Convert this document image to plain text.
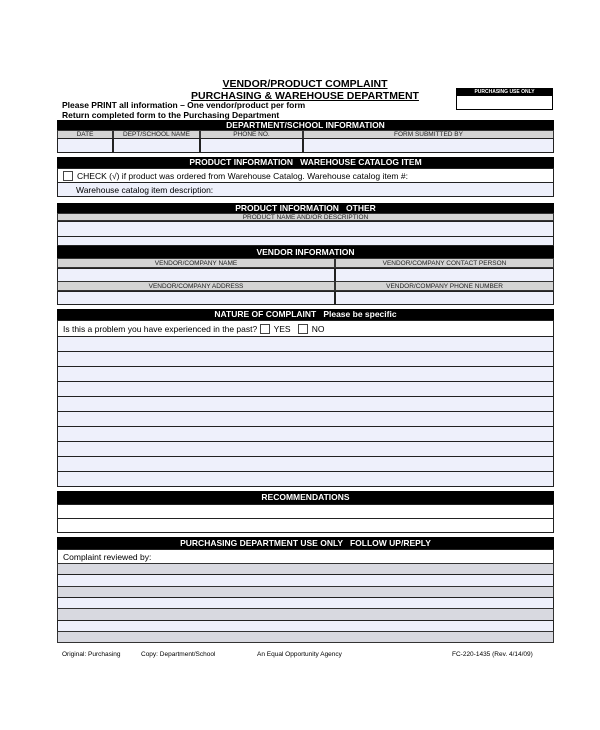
VENDOR/PRODUCT COMPLAINT
PURCHASING & WAREHOUSE DEPARTMENT	PURCHASING USE ONLY
Please PRINT all information – One vendor/product per form
Return completed form to the Purchasing Department
DEPARTMENT/SCHOOL INFORMATION
DATE	DEPT/SCHOOL NAME	PHONE NO.	FORM SUBMITTED BY
PRODUCT INFORMATION   WAREHOUSE CATALOG ITEM
CHECK (√) if product was ordered from Warehouse Catalog. Warehouse catalog item #:
Warehouse catalog item description:
PRODUCT INFORMATION   OTHER
PRODUCT NAME AND/OR DESCRIPTION
VENDOR INFORMATION
VENDOR/COMPANY NAME	VENDOR/COMPANY CONTACT PERSON
VENDOR/COMPANY ADDRESS	VENDOR/COMPANY PHONE NUMBER
NATURE OF COMPLAINT   Please be specific
Is this a problem you have experienced in the past?
YES
NO
RECOMMENDATIONS
PURCHASING DEPARTMENT USE ONLY   FOLLOW UP/REPLY
Complaint reviewed by:
Original: Purchasing	Copy: Department/School	An Equal Opportunity Agency	FC-220-1435 (Rev. 4/14/09)
